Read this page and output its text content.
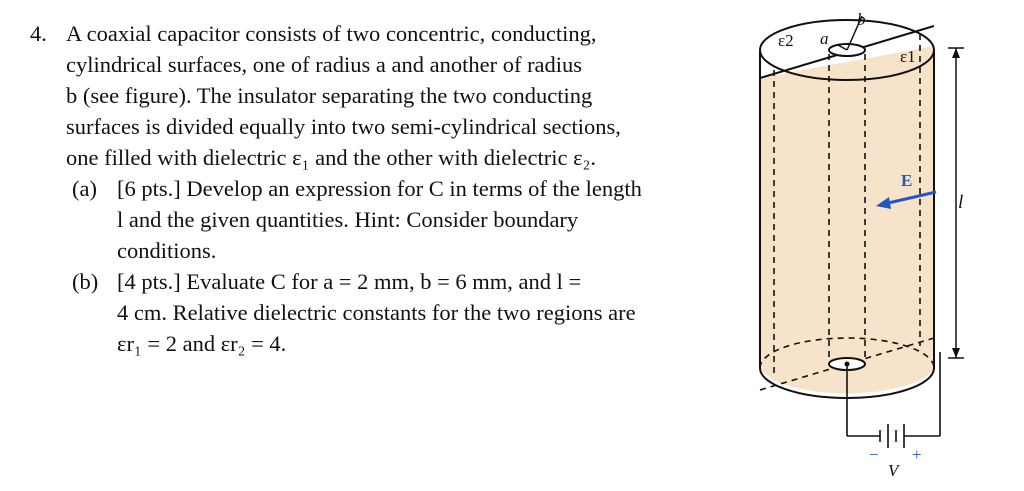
4. A coaxial capacitor consists of two concentric, conducting,
cylindrical surfaces, one of radius a and another of radius
b (see figure). The insulator separating the two conducting
surfaces is divided equally into two semi-cylindrical sections,
one filled with dielectric ε₁ and the other with dielectric ε₂.
(a) [6 pts.] Develop an expression for C in terms of the length
l and the given quantities. Hint: Consider boundary
conditions.
(b) [4 pts.] Evaluate C for a = 2 mm, b = 6 mm, and l =
4 cm. Relative dielectric constants for the two regions are
εr₁ = 2 and εr₂ = 4.
ε2
ε1
a
b
E
l
− +
V
